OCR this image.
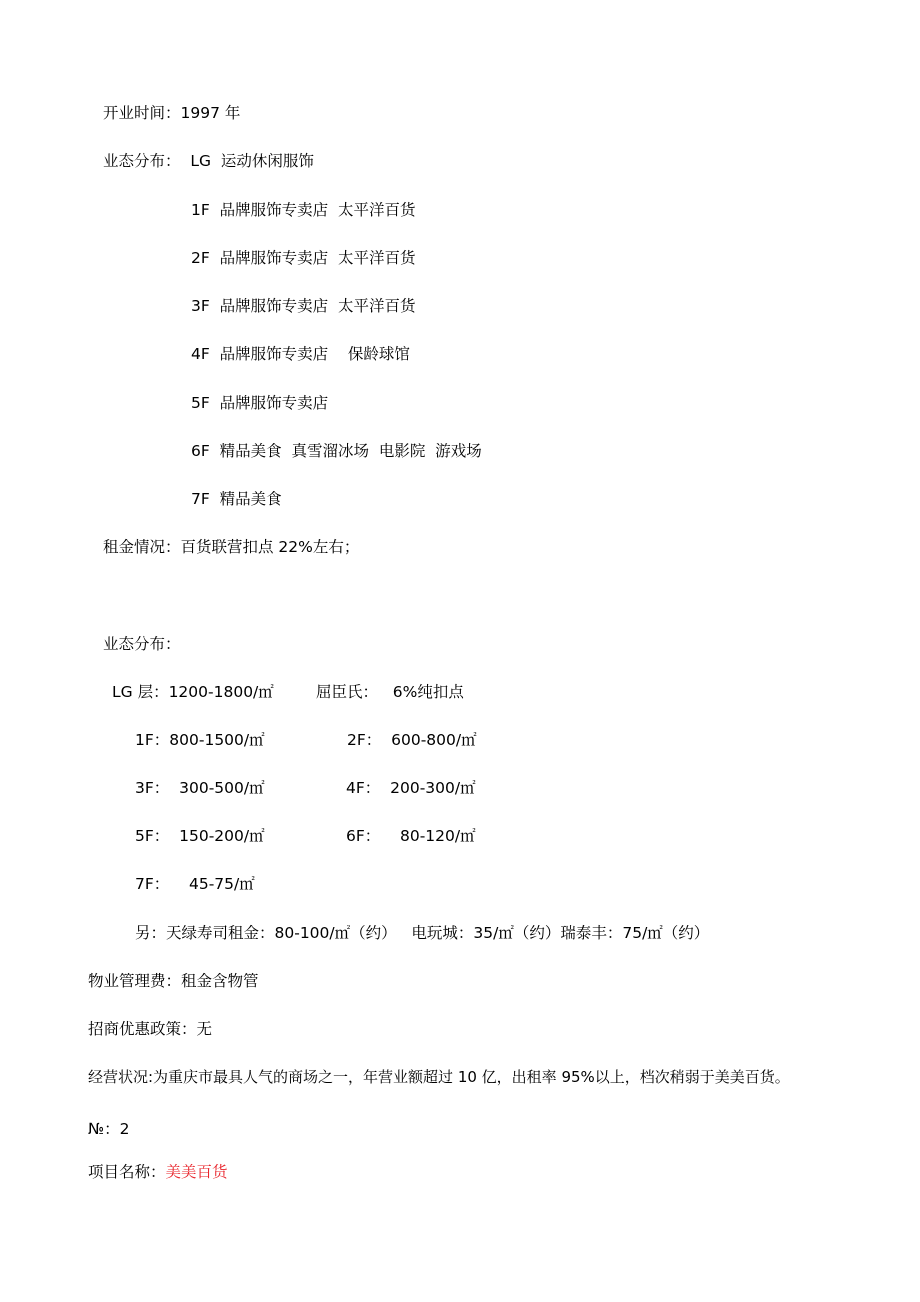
开业时间：1997 年
业态分布：  LG  运动休闲服饰
1F  品牌服饰专卖店  太平洋百货
2F  品牌服饰专卖店  太平洋百货
3F  品牌服饰专卖店  太平洋百货
4F  品牌服饰专卖店    保龄球馆
5F  品牌服饰专卖店
6F  精品美食  真雪溜冰场  电影院  游戏场
7F  精品美食
租金情况：百货联营扣点 22%左右；
业态分布：
LG 层：1200-1800/㎡	屈臣氏：   6%纯扣点
1F：800-1500/㎡	2F：  600-800/㎡
3F：  300-500/㎡	4F：  200-300/㎡
5F：  150-200/㎡	6F：    80-120/㎡
7F：    45-75/㎡
另：天绿寿司租金：80-100/㎡（约）   电玩城：35/㎡（约）瑞泰丰：75/㎡（约）
物业管理费：租金含物管
招商优惠政策：无
经营状况:为重庆市最具人气的商场之一，年营业额超过 10 亿，出租率 95%以上，档次稍弱于美美百货。
№：2
项目名称：美美百货
